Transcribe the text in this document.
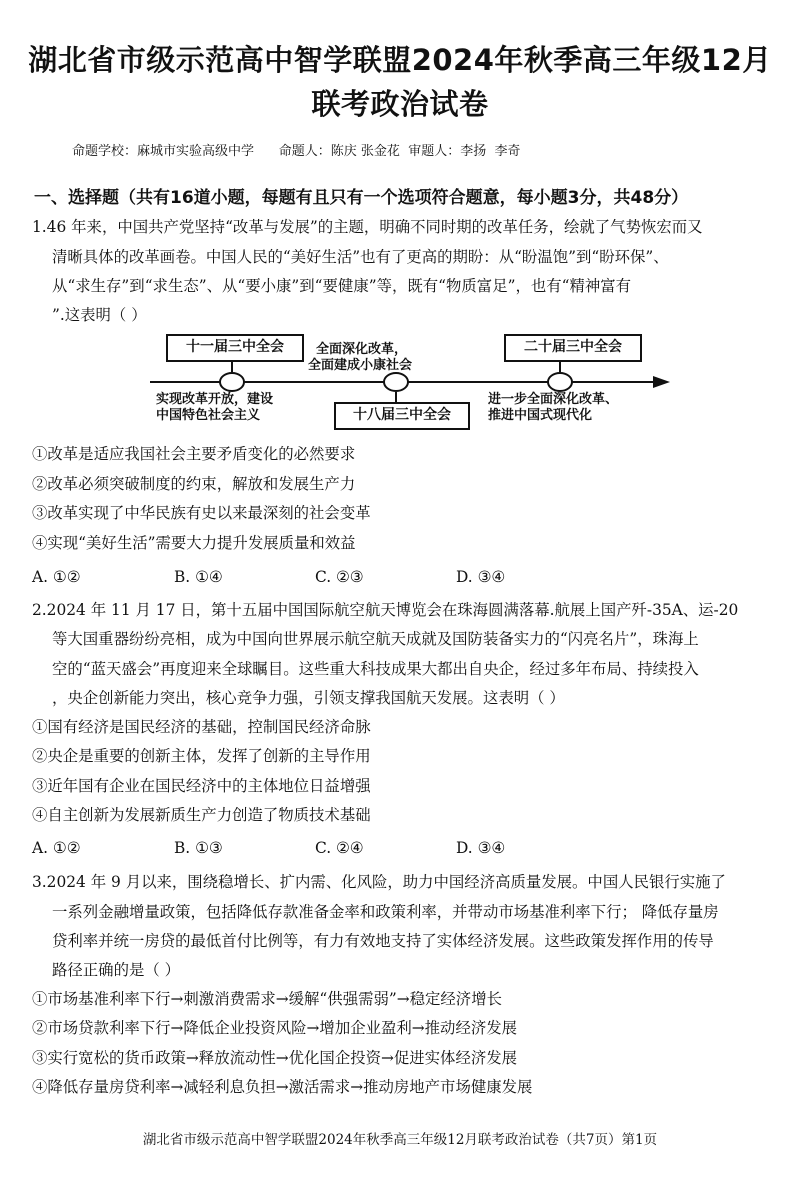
湖北省市级示范高中智学联盟2024年秋季高三年级12月
联考政治试卷
命题学校：麻城市实验高级中学      命题人：陈庆 张金花  审题人：李扬  李奇
一、选择题（共有16道小题，每题有且只有一个选项符合题意，每小题3分，共48分）
1.46 年来，中国共产党坚持“改革与发展”的主题，明确不同时期的改革任务，绘就了气势恢宏而又
清晰具体的改革画卷。中国人民的“美好生活”也有了更高的期盼：从“盼温饱”到“盼环保”、
从“求生存”到“求生态”、从“要小康”到“要健康”等，既有“物质富足”，也有“精神富有
”.这表明（ ）
十一届三中全会
十八届三中全会
二十届三中全会
全面深化改革，
全面建成小康社会
实现改革开放，建设
中国特色社会主义
进一步全面深化改革、
推进中国式现代化
①改革是适应我国社会主要矛盾变化的必然要求
②改革必须突破制度的约束，解放和发展生产力
③改革实现了中华民族有史以来最深刻的社会变革
④实现“美好生活”需要大力提升发展质量和效益
A. ①②	B. ①④	C. ②③	D. ③④
2.2024 年 11 月 17 日，第十五届中国国际航空航天博览会在珠海圆满落幕.航展上国产歼-35A、运-20
等大国重器纷纷亮相，成为中国向世界展示航空航天成就及国防装备实力的“闪亮名片”，珠海上
空的“蓝天盛会”再度迎来全球瞩目。这些重大科技成果大都出自央企，经过多年布局、持续投入
，央企创新能力突出，核心竞争力强，引领支撑我国航天发展。这表明（ ）
①国有经济是国民经济的基础，控制国民经济命脉
②央企是重要的创新主体，发挥了创新的主导作用
③近年国有企业在国民经济中的主体地位日益增强
④自主创新为发展新质生产力创造了物质技术基础
A. ①②	B. ①③	C. ②④	D. ③④
3.2024 年 9 月以来，围绕稳增长、扩内需、化风险，助力中国经济高质量发展。中国人民银行实施了
一系列金融增量政策，包括降低存款准备金率和政策利率，并带动市场基准利率下行； 降低存量房
贷利率并统一房贷的最低首付比例等，有力有效地支持了实体经济发展。这些政策发挥作用的传导
路径正确的是（ ）
①市场基准利率下行→刺激消费需求→缓解“供强需弱”→稳定经济增长
②市场贷款利率下行→降低企业投资风险→增加企业盈利→推动经济发展
③实行宽松的货币政策→释放流动性→优化国企投资→促进实体经济发展
④降低存量房贷利率→减轻利息负担→激活需求→推动房地产市场健康发展
湖北省市级示范高中智学联盟2024年秋季高三年级12月联考政治试卷（共7页）第1页
